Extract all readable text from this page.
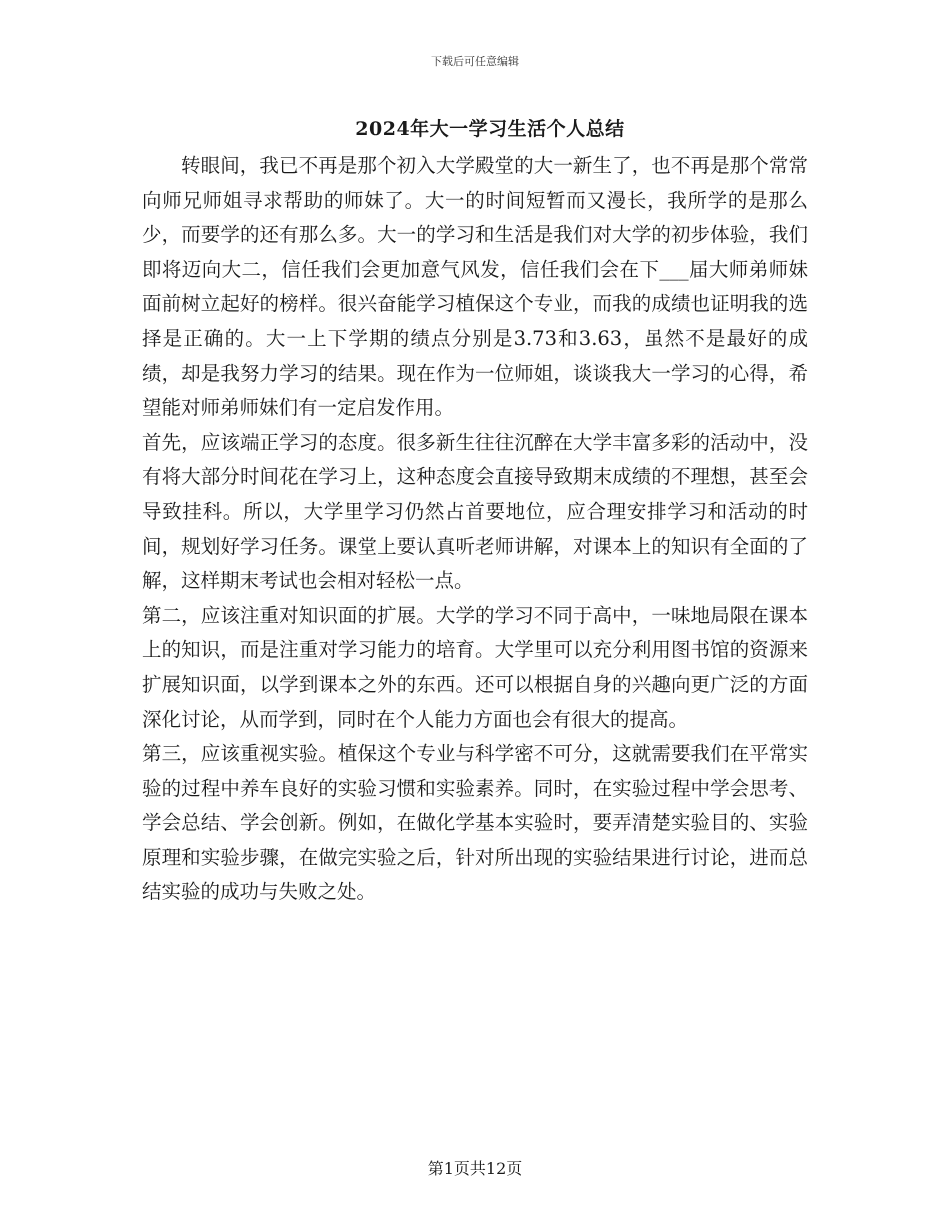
下载后可任意编辑
2024年大一学习生活个人总结

转眼间，我已不再是那个初入大学殿堂的大一新生了，也不再是那个常常向师兄师姐寻求帮助的师妹了。大一的时间短暂而又漫长，我所学的是那么少，而要学的还有那么多。大一的学习和生活是我们对大学的初步体验，我们即将迈向大二，信任我们会更加意气风发，信任我们会在下___届大师弟师妹面前树立起好的榜样。很兴奋能学习植保这个专业，而我的成绩也证明我的选择是正确的。大一上下学期的绩点分别是3.73和3.63，虽然不是最好的成绩，却是我努力学习的结果。现在作为一位师姐，谈谈我大一学习的心得，希望能对师弟师妹们有一定启发作用。

首先，应该端正学习的态度。很多新生往往沉醉在大学丰富多彩的活动中，没有将大部分时间花在学习上，这种态度会直接导致期末成绩的不理想，甚至会导致挂科。所以，大学里学习仍然占首要地位，应合理安排学习和活动的时间，规划好学习任务。课堂上要认真听老师讲解，对课本上的知识有全面的了解，这样期末考试也会相对轻松一点。

第二，应该注重对知识面的扩展。大学的学习不同于高中，一味地局限在课本上的知识，而是注重对学习能力的培育。大学里可以充分利用图书馆的资源来扩展知识面，以学到课本之外的东西。还可以根据自身的兴趣向更广泛的方面深化讨论，从而学到，同时在个人能力方面也会有很大的提高。

第三，应该重视实验。植保这个专业与科学密不可分，这就需要我们在平常实验的过程中养车良好的实验习惯和实验素养。同时，在实验过程中学会思考、学会总结、学会创新。例如，在做化学基本实验时，要弄清楚实验目的、实验原理和实验步骤，在做完实验之后，针对所出现的实验结果进行讨论，进而总结实验的成功与失败之处。

第1页共12页
